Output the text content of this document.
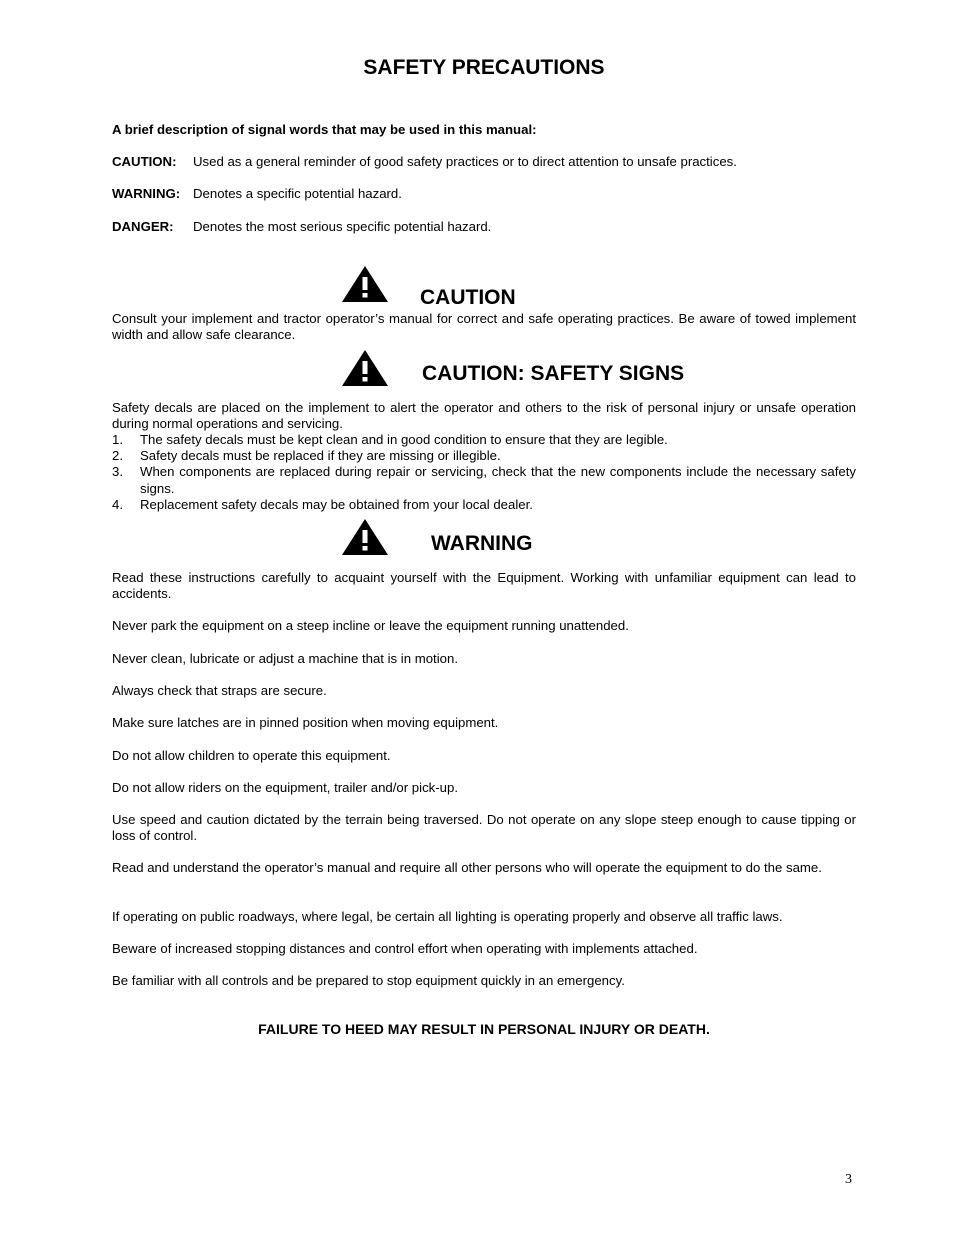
SAFETY PRECAUTIONS
A brief description of signal words that may be used in this manual:
CAUTION: Used as a general reminder of good safety practices or to direct attention to unsafe practices.
WARNING: Denotes a specific potential hazard.
DANGER: Denotes the most serious specific potential hazard.
CAUTION
Consult your implement and tractor operator’s manual for correct and safe operating practices. Be aware of towed implement width and allow safe clearance.
CAUTION: SAFETY SIGNS
Safety decals are placed on the implement to alert the operator and others to the risk of personal injury or unsafe operation during normal operations and servicing.
1. The safety decals must be kept clean and in good condition to ensure that they are legible.
2. Safety decals must be replaced if they are missing or illegible.
3. When components are replaced during repair or servicing, check that the new components include the necessary safety signs.
4. Replacement safety decals may be obtained from your local dealer.
WARNING
Read these instructions carefully to acquaint yourself with the Equipment. Working with unfamiliar equipment can lead to accidents.
Never park the equipment on a steep incline or leave the equipment running unattended.
Never clean, lubricate or adjust a machine that is in motion.
Always check that straps are secure.
Make sure latches are in pinned position when moving equipment.
Do not allow children to operate this equipment.
Do not allow riders on the equipment, trailer and/or pick-up.
Use speed and caution dictated by the terrain being traversed. Do not operate on any slope steep enough to cause tipping or loss of control.
Read and understand the operator’s manual and require all other persons who will operate the equipment to do the same.
If operating on public roadways, where legal, be certain all lighting is operating properly and observe all traffic laws.
Beware of increased stopping distances and control effort when operating with implements attached.
Be familiar with all controls and be prepared to stop equipment quickly in an emergency.
FAILURE TO HEED MAY RESULT IN PERSONAL INJURY OR DEATH.
3
